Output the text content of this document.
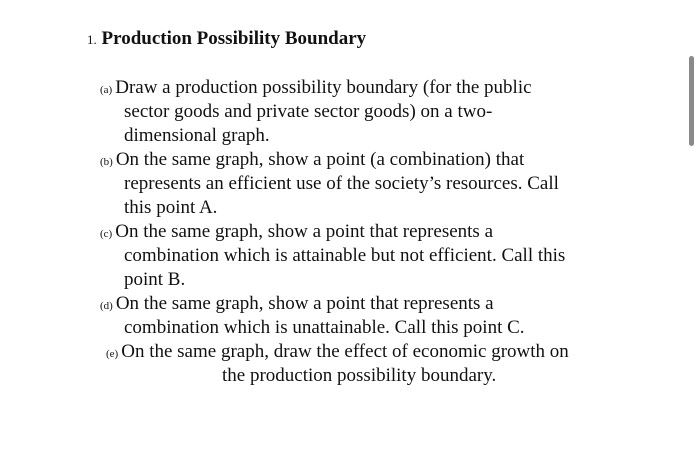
1. Production Possibility Boundary
(a) Draw a production possibility boundary (for the public
sector goods and private sector goods) on a two-
dimensional graph.
(b) On the same graph, show a point (a combination) that
represents an efficient use of the society’s resources. Call
this point A.
(c) On the same graph, show a point that represents a
combination which is attainable but not efficient. Call this
point B.
(d) On the same graph, show a point that represents a
combination which is unattainable. Call this point C.
(e) On the same graph, draw the effect of economic growth on
the production possibility boundary.
